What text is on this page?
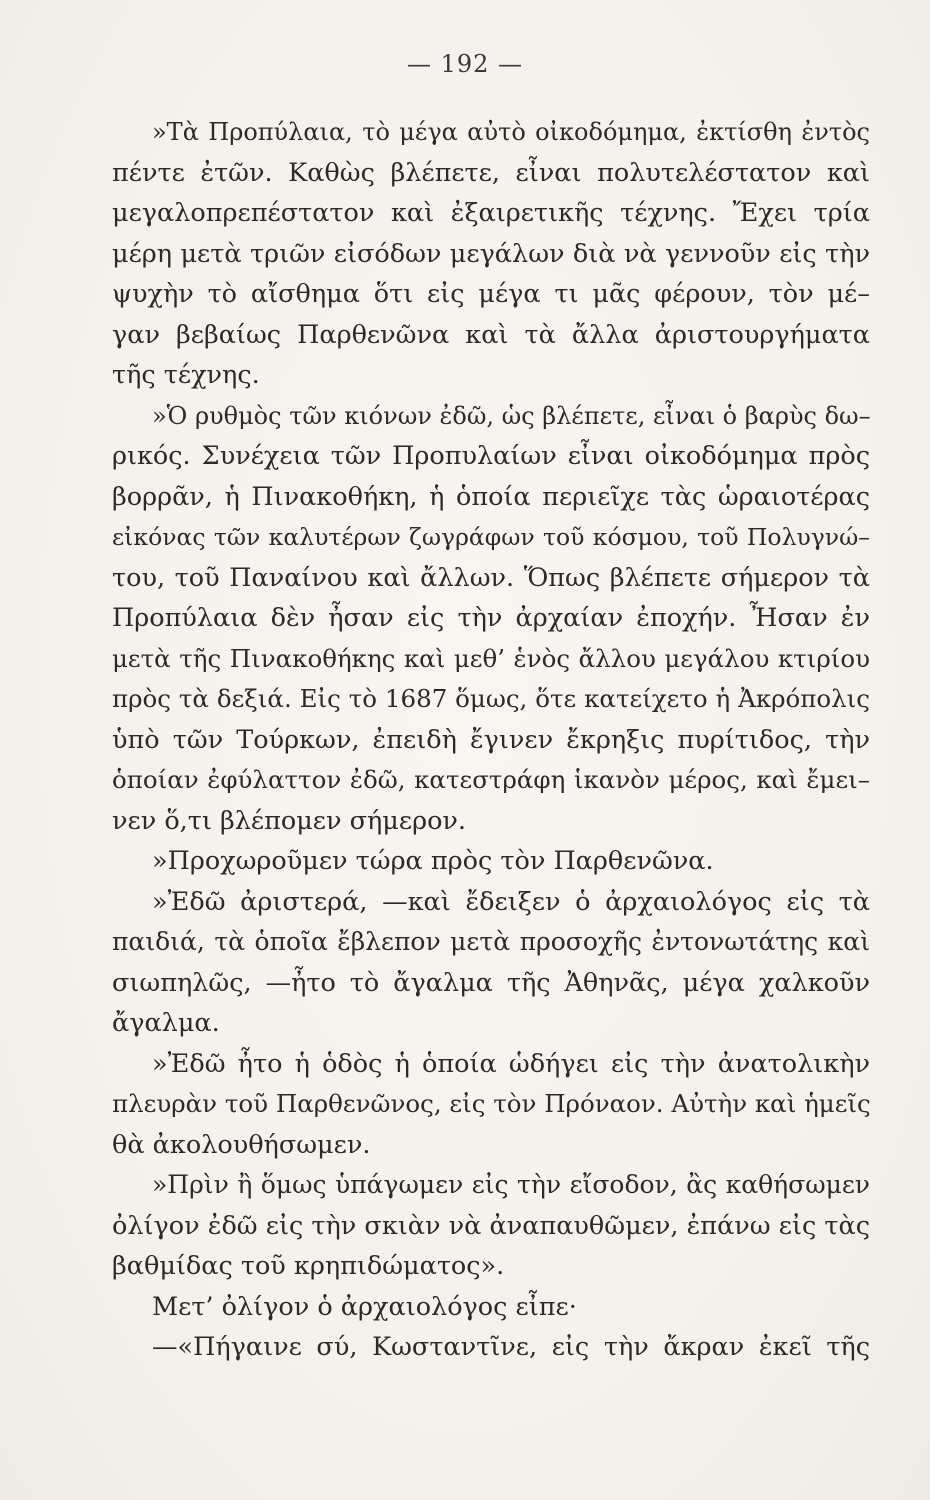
— 192 —
»Τὰ Προπύλαια, τὸ μέγα αὐτὸ οἰκοδόμημα, ἐκτίσθη ἐντὸς
πέντε ἐτῶν. Καθὼς βλέπετε, εἶναι πολυτελέστατον καὶ
μεγαλοπρεπέστατον καὶ ἐξαιρετικῆς τέχνης. Ἔχει τρία
μέρη μετὰ τριῶν εἰσόδων μεγάλων διὰ νὰ γεννοῦν εἰς τὴν
ψυχὴν τὸ αἴσθημα ὅτι εἰς μέγα τι μᾶς φέρουν, τὸν μέ–
γαν βεβαίως Παρθενῶνα καὶ τὰ ἄλλα ἀριστουργήματα
τῆς τέχνης.
»Ὁ ρυθμὸς τῶν κιόνων ἐδῶ, ὡς βλέπετε, εἶναι ὁ βαρὺς δω–
ρικός. Συνέχεια τῶν Προπυλαίων εἶναι οἰκοδόμημα πρὸς
βορρᾶν, ἡ Πινακοθήκη, ἡ ὁποία περιεῖχε τὰς ὡραιοτέρας
εἰκόνας τῶν καλυτέρων ζωγράφων τοῦ κόσμου, τοῦ Πολυγνώ–
του, τοῦ Παναίνου καὶ ἄλλων. Ὅπως βλέπετε σήμερον τὰ
Προπύλαια δὲν ἦσαν εἰς τὴν ἀρχαίαν ἐποχήν. Ἦσαν ἐν
μετὰ τῆς Πινακοθήκης καὶ μεθ’ ἑνὸς ἄλλου μεγάλου κτιρίου
πρὸς τὰ δεξιά. Εἰς τὸ 1687 ὅμως, ὅτε κατείχετο ἡ Ἀκρόπολις
ὑπὸ τῶν Τούρκων, ἐπειδὴ ἔγινεν ἔκρηξις πυρίτιδος, τὴν
ὁποίαν ἐφύλαττον ἐδῶ, κατεστράφη ἱκανὸν μέρος, καὶ ἔμει–
νεν ὅ,τι βλέπομεν σήμερον.
»Προχωροῦμεν τώρα πρὸς τὸν Παρθενῶνα.
»Ἐδῶ ἀριστερά, —καὶ ἔδειξεν ὁ ἀρχαιολόγος εἰς τὰ
παιδιά, τὰ ὁποῖα ἔβλεπον μετὰ προσοχῆς ἐντονωτάτης καὶ
σιωπηλῶς, —ἦτο τὸ ἄγαλμα τῆς Ἀθηνᾶς, μέγα χαλκοῦν
ἄγαλμα.
»Ἐδῶ ἦτο ἡ ὁδὸς ἡ ὁποία ὡδήγει εἰς τὴν ἀνατολικὴν
πλευρὰν τοῦ Παρθενῶνος, εἰς τὸν Πρόναον. Αὐτὴν καὶ ἡμεῖς
θὰ ἀκολουθήσωμεν.
»Πρὶν ἢ ὅμως ὑπάγωμεν εἰς τὴν εἴσοδον, ἂς καθήσωμεν
ὀλίγον ἐδῶ εἰς τὴν σκιὰν νὰ ἀναπαυθῶμεν, ἐπάνω εἰς τὰς
βαθμίδας τοῦ κρηπιδώματος».
Μετ’ ὀλίγον ὁ ἀρχαιολόγος εἶπε·
—«Πήγαινε σύ, Κωσταντῖνε, εἰς τὴν ἄκραν ἐκεῖ τῆς
